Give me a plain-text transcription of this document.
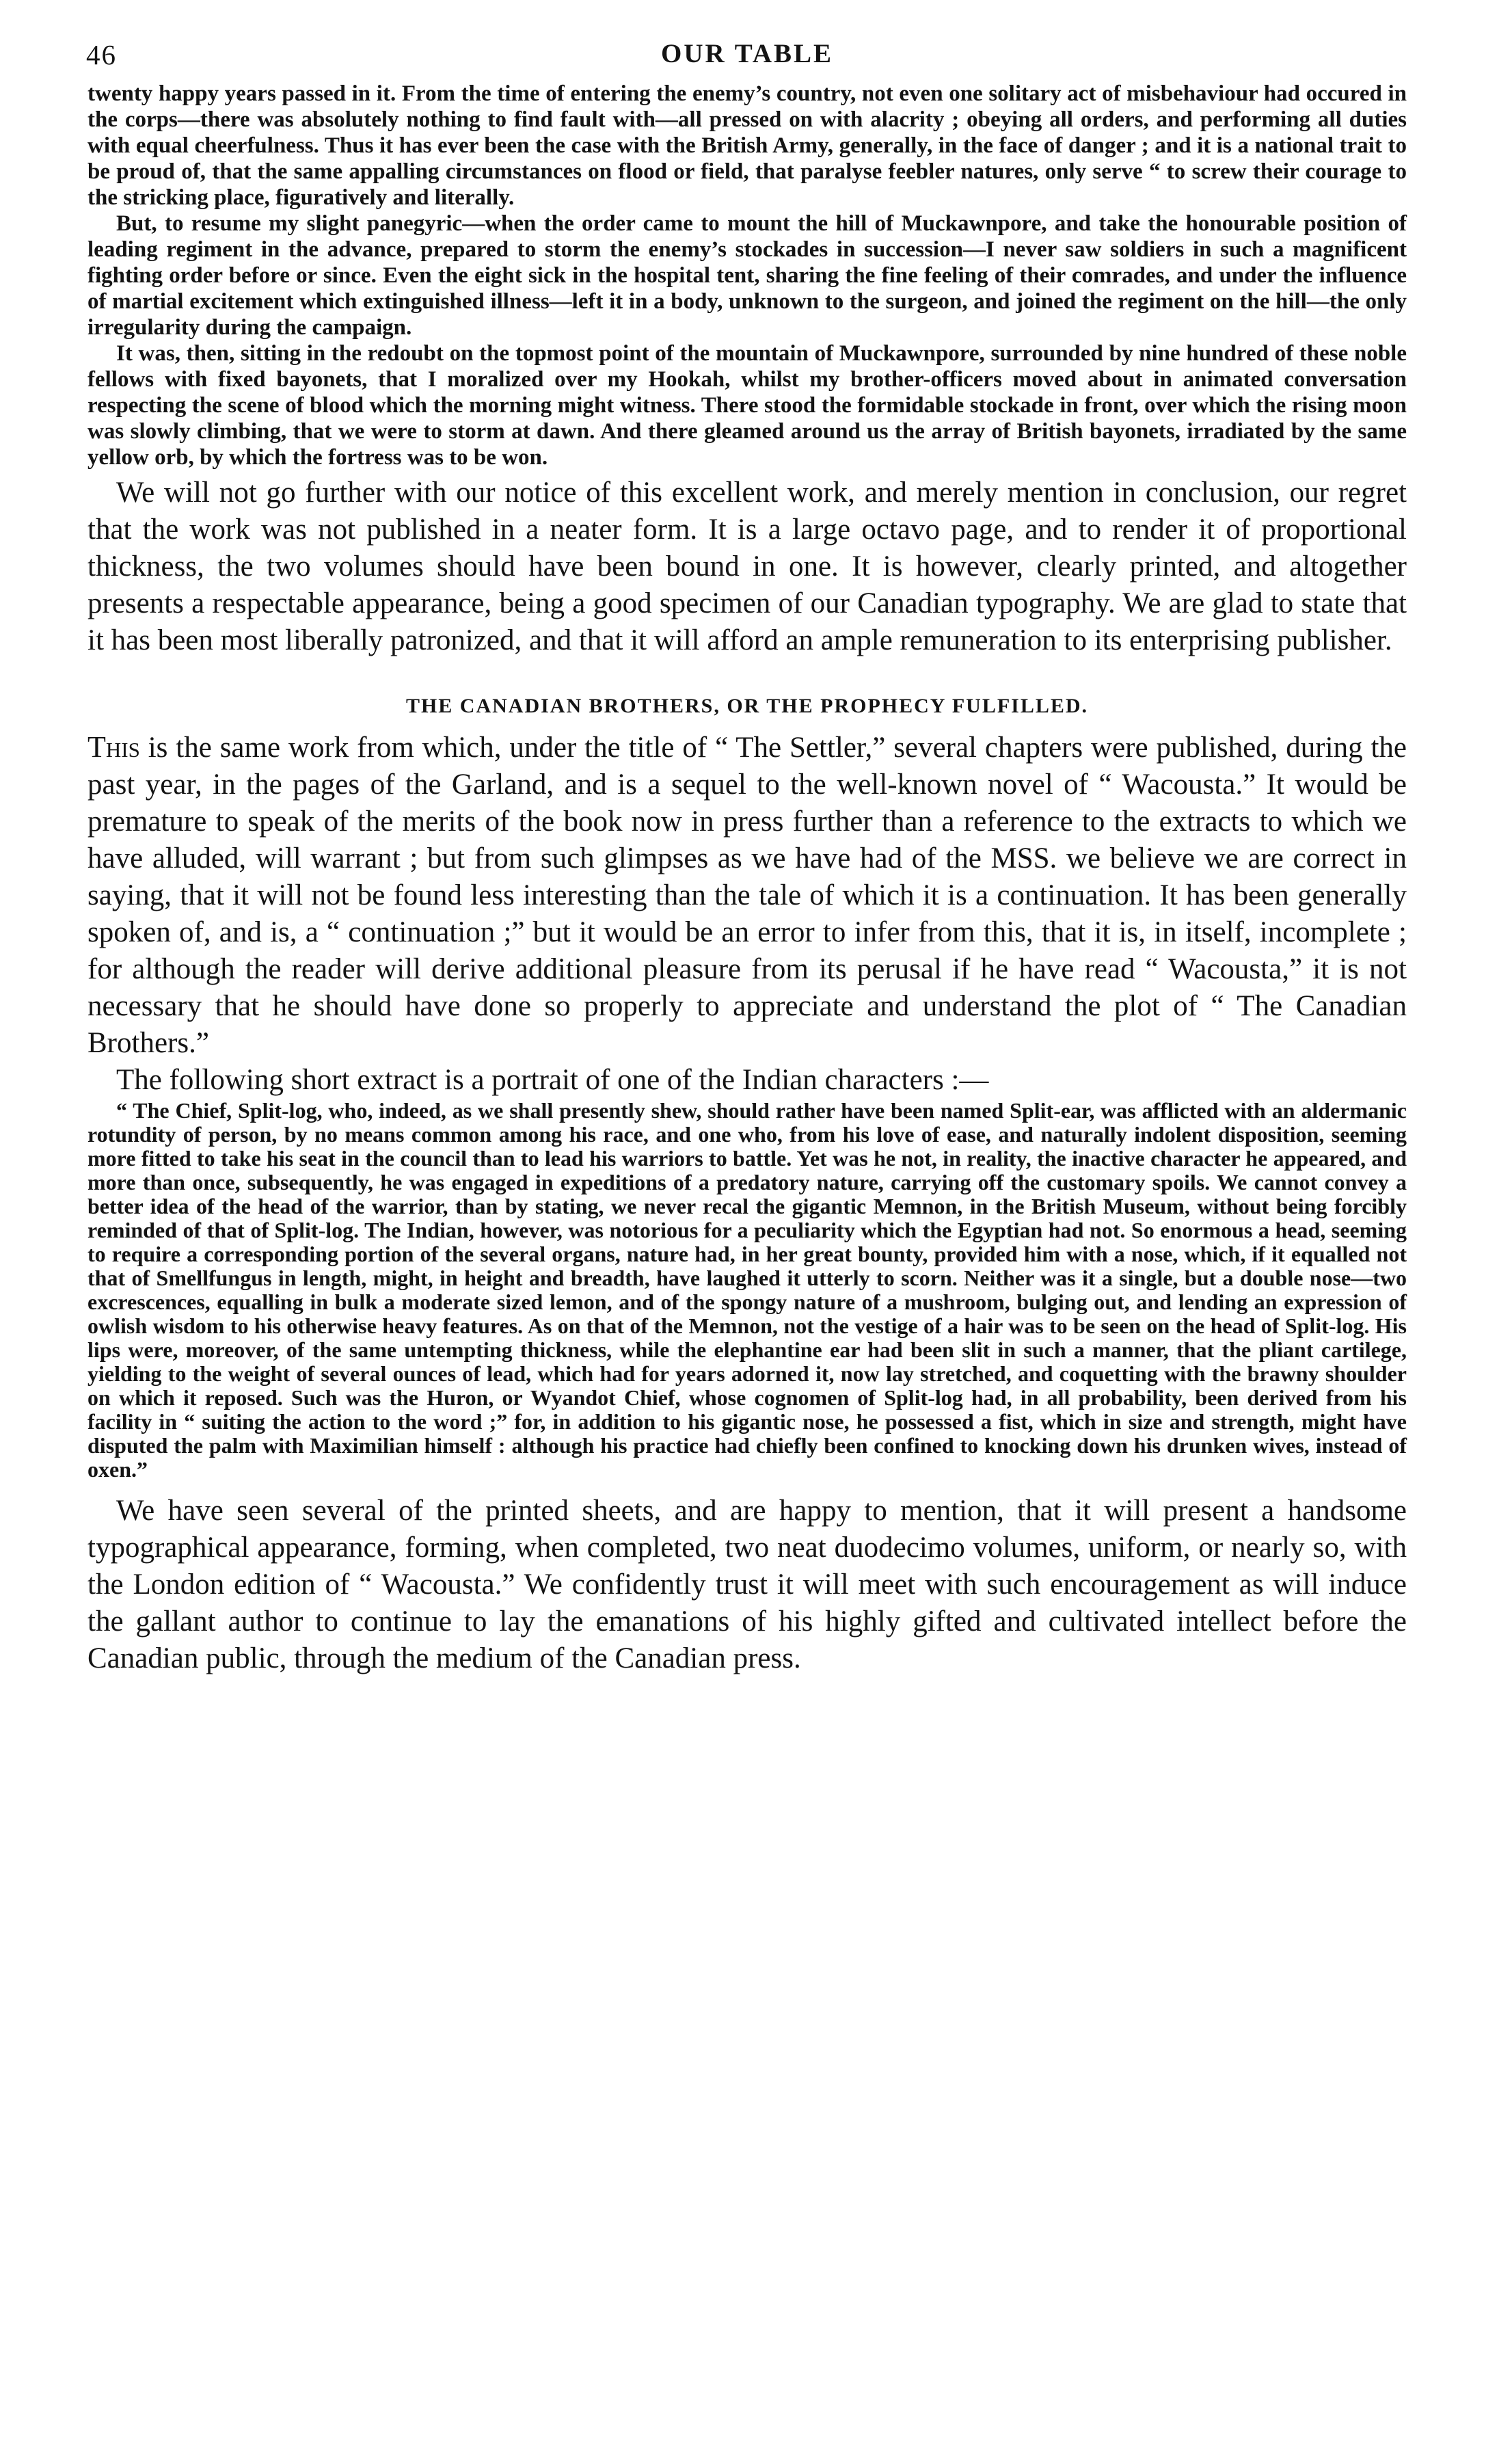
46	OUR TABLE

twenty happy years passed in it. From the time of entering the enemy’s country, not even one solitary act of misbehaviour had occured in the corps—there was absolutely nothing to find fault with—all pressed on with alacrity ; obeying all orders, and performing all duties with equal cheerfulness. Thus it has ever been the case with the British Army, generally, in the face of danger ; and it is a national trait to be proud of, that the same appalling circumstances on flood or field, that paralyse feebler natures, only serve “ to screw their courage to the stricking place, figuratively and literally.

But, to resume my slight panegyric—when the order came to mount the hill of Muckawnpore, and take the honourable position of leading regiment in the advance, prepared to storm the enemy’s stockades in succession—I never saw soldiers in such a magnificent fighting order before or since. Even the eight sick in the hospital tent, sharing the fine feeling of their comrades, and under the influence of martial excitement which extinguished illness—left it in a body, unknown to the surgeon, and joined the regiment on the hill—the only irregularity during the campaign.

It was, then, sitting in the redoubt on the topmost point of the mountain of Muckawnpore, surrounded by nine hundred of these noble fellows with fixed bayonets, that I moralized over my Hookah, whilst my brother-officers moved about in animated conversation respecting the scene of blood which the morning might witness. There stood the formidable stockade in front, over which the rising moon was slowly climbing, that we were to storm at dawn. And there gleamed around us the array of British bayonets, irradiated by the same yellow orb, by which the fortress was to be won.

We will not go further with our notice of this excellent work, and merely mention in conclusion, our regret that the work was not published in a neater form. It is a large octavo page, and to render it of proportional thickness, the two volumes should have been bound in one. It is however, clearly printed, and altogether presents a respectable appearance, being a good specimen of our Canadian typography. We are glad to state that it has been most liberally patronized, and that it will afford an ample remuneration to its enterprising publisher.

THE CANADIAN BROTHERS, OR THE PROPHECY FULFILLED.

This is the same work from which, under the title of “ The Settler,” several chapters were published, during the past year, in the pages of the Garland, and is a sequel to the well-known novel of “ Wacousta.” It would be premature to speak of the merits of the book now in press further than a reference to the extracts to which we have alluded, will warrant ; but from such glimpses as we have had of the MSS. we believe we are correct in saying, that it will not be found less interesting than the tale of which it is a continuation. It has been generally spoken of, and is, a “ continuation ;” but it would be an error to infer from this, that it is, in itself, incomplete ; for although the reader will derive additional pleasure from its perusal if he have read “ Wacousta,” it is not necessary that he should have done so properly to appreciate and understand the plot of “ The Canadian Brothers.”

The following short extract is a portrait of one of the Indian characters :—

“ The Chief, Split-log, who, indeed, as we shall presently shew, should rather have been named Split-ear, was afflicted with an aldermanic rotundity of person, by no means common among his race, and one who, from his love of ease, and naturally indolent disposition, seeming more fitted to take his seat in the council than to lead his warriors to battle. Yet was he not, in reality, the inactive character he appeared, and more than once, subsequently, he was engaged in expeditions of a predatory nature, carrying off the customary spoils. We cannot convey a better idea of the head of the warrior, than by stating, we never recal the gigantic Memnon, in the British Museum, without being forcibly reminded of that of Split-log. The Indian, however, was notorious for a peculiarity which the Egyptian had not. So enormous a head, seeming to require a corresponding portion of the several organs, nature had, in her great bounty, provided him with a nose, which, if it equalled not that of Smellfungus in length, might, in height and breadth, have laughed it utterly to scorn. Neither was it a single, but a double nose—two excrescences, equalling in bulk a moderate sized lemon, and of the spongy nature of a mushroom, bulging out, and lending an expression of owlish wisdom to his otherwise heavy features. As on that of the Memnon, not the vestige of a hair was to be seen on the head of Split-log. His lips were, moreover, of the same untempting thickness, while the elephantine ear had been slit in such a manner, that the pliant cartilege, yielding to the weight of several ounces of lead, which had for years adorned it, now lay stretched, and coquetting with the brawny shoulder on which it reposed. Such was the Huron, or Wyandot Chief, whose cognomen of Split-log had, in all probability, been derived from his facility in “ suiting the action to the word ;” for, in addition to his gigantic nose, he possessed a fist, which in size and strength, might have disputed the palm with Maximilian himself : although his practice had chiefly been confined to knocking down his drunken wives, instead of oxen.”

We have seen several of the printed sheets, and are happy to mention, that it will present a handsome typographical appearance, forming, when completed, two neat duodecimo volumes, uniform, or nearly so, with the London edition of “ Wacousta.” We confidently trust it will meet with such encouragement as will induce the gallant author to continue to lay the emanations of his highly gifted and cultivated intellect before the Canadian public, through the medium of the Canadian press.
